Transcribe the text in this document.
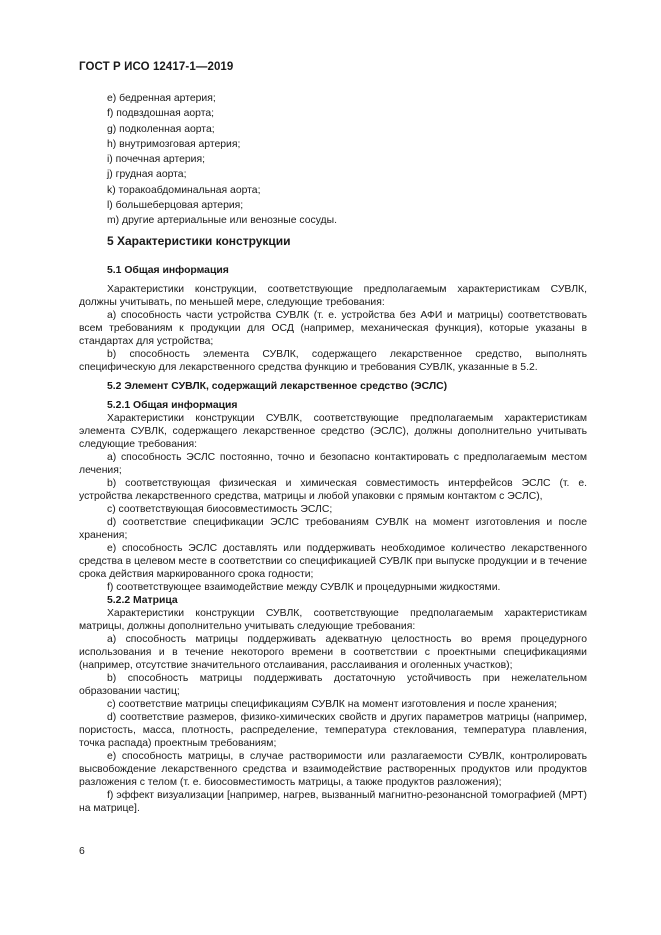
ГОСТ Р ИСО 12417-1—2019
e) бедренная артерия;
f) подвздошная аорта;
g) подколенная аорта;
h) внутримозговая артерия;
i) почечная артерия;
j) грудная аорта;
k) торакоабдоминальная аорта;
l) большеберцовая артерия;
m) другие артериальные или венозные сосуды.
5 Характеристики конструкции
5.1 Общая информация

Характеристики конструкции, соответствующие предполагаемым характеристикам СУВЛК, должны учитывать, по меньшей мере, следующие требования:

a) способность части устройства СУВЛК (т. е. устройства без АФИ и матрицы) соответствовать всем требованиям к продукции для ОСД (например, механическая функция), которые указаны в стандартах для устройства;

b) способность элемента СУВЛК, содержащего лекарственное средство, выполнять специфическую для лекарственного средства функцию и требования СУВЛК, указанные в 5.2.

5.2 Элемент СУВЛК, содержащий лекарственное средство (ЭСЛС)
5.2.1 Общая информация

Характеристики конструкции СУВЛК, соответствующие предполагаемым характеристикам элемента СУВЛК, содержащего лекарственное средство (ЭСЛС), должны дополнительно учитывать следующие требования:

a) способность ЭСЛС постоянно, точно и безопасно контактировать с предполагаемым местом лечения;

b) соответствующая физическая и химическая совместимость интерфейсов ЭСЛС (т. е. устройства лекарственного средства, матрицы и любой упаковки с прямым контактом с ЭСЛС),

c) соответствующая биосовместимость ЭСЛС;

d) соответствие спецификации ЭСЛС требованиям СУВЛК на момент изготовления и после хранения;

e) способность ЭСЛС доставлять или поддерживать необходимое количество лекарственного средства в целевом месте в соответствии со спецификацией СУВЛК при выпуске продукции и в течение срока действия маркированного срока годности;

f) соответствующее взаимодействие между СУВЛК и процедурными жидкостями.

5.2.2 Матрица

Характеристики конструкции СУВЛК, соответствующие предполагаемым характеристикам матрицы, должны дополнительно учитывать следующие требования:

a) способность матрицы поддерживать адекватную целостность во время процедурного использования и в течение некоторого времени в соответствии с проектными спецификациями (например, отсутствие значительного отслаивания, расслаивания и оголенных участков);

b) способность матрицы поддерживать достаточную устойчивость при нежелательном образовании частиц;

c) соответствие матрицы спецификациям СУВЛК на момент изготовления и после хранения;

d) соответствие размеров, физико-химических свойств и других параметров матрицы (например, пористость, масса, плотность, распределение, температура стеклования, температура плавления, точка распада) проектным требованиям;

e) способность матрицы, в случае растворимости или разлагаемости СУВЛК, контролировать высвобождение лекарственного средства и взаимодействие растворенных продуктов или продуктов разложения с телом (т. е. биосовместимость матрицы, а также продуктов разложения);

f) эффект визуализации [например, нагрев, вызванный магнитно-резонансной томографией (МРТ) на матрице].

6
